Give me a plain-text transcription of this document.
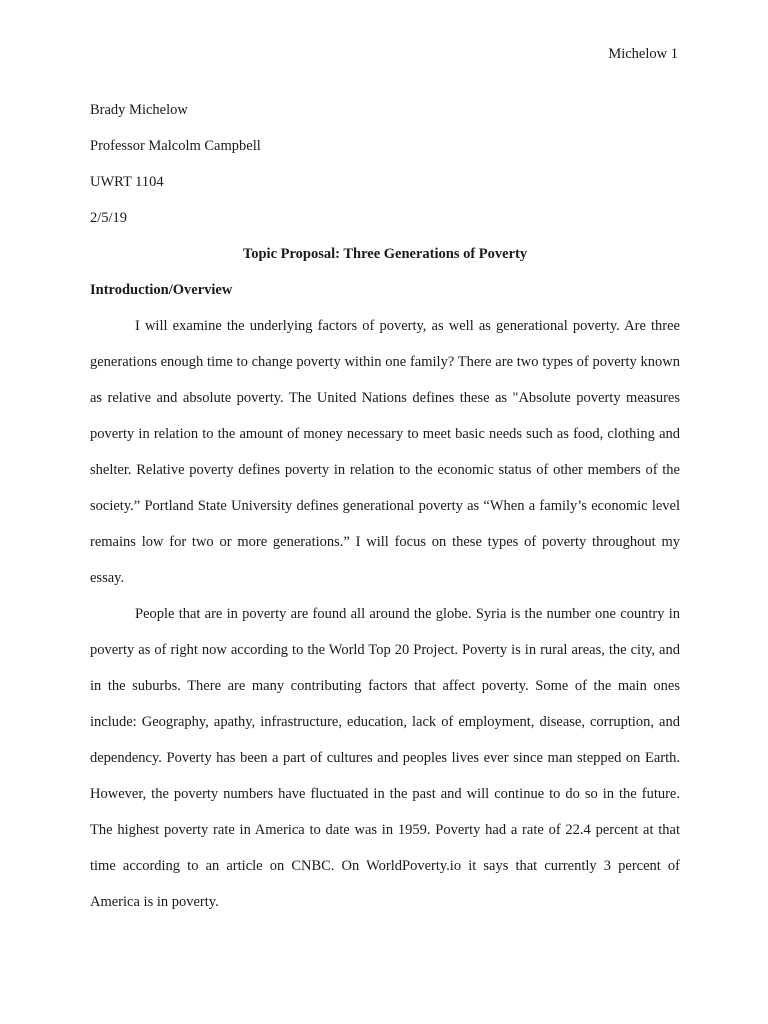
Michelow 1
Brady Michelow
Professor Malcolm Campbell
UWRT 1104
2/5/19
Topic Proposal: Three Generations of Poverty
Introduction/Overview

I will examine the underlying factors of poverty, as well as generational poverty. Are three generations enough time to change poverty within one family? There are two types of poverty known as relative and absolute poverty. The United Nations defines these as "Absolute poverty measures poverty in relation to the amount of money necessary to meet basic needs such as food, clothing and shelter. Relative poverty defines poverty in relation to the economic status of other members of the society.” Portland State University defines generational poverty as “When a family’s economic level remains low for two or more generations.” I will focus on these types of poverty throughout my essay.

People that are in poverty are found all around the globe. Syria is the number one country in poverty as of right now according to the World Top 20 Project. Poverty is in rural areas, the city, and in the suburbs. There are many contributing factors that affect poverty. Some of the main ones include: Geography, apathy, infrastructure, education, lack of employment, disease, corruption, and dependency. Poverty has been a part of cultures and peoples lives ever since man stepped on Earth. However, the poverty numbers have fluctuated in the past and will continue to do so in the future. The highest poverty rate in America to date was in 1959. Poverty had a rate of 22.4 percent at that time according to an article on CNBC. On WorldPoverty.io it says that currently 3 percent of America is in poverty.
